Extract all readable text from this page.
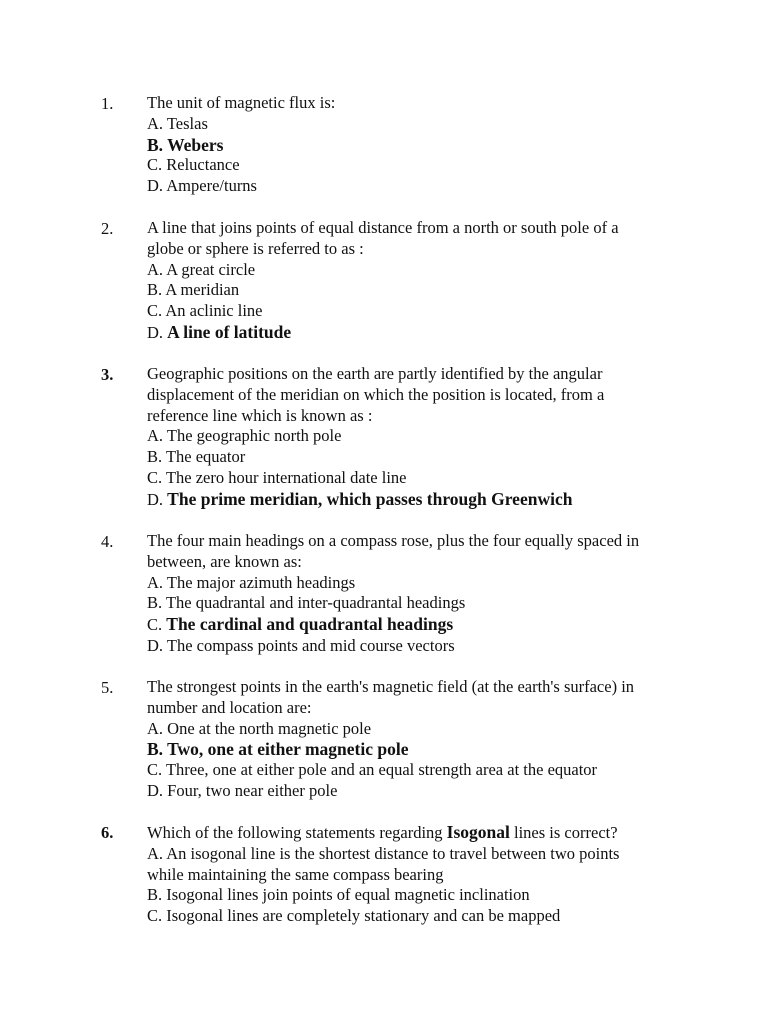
1. The unit of magnetic flux is:
A. Teslas
B. Webers
C. Reluctance
D. Ampere/turns
2. A line that joins points of equal distance from a north or south pole of a
globe or sphere is referred to as :
A. A great circle
B. A meridian
C. An aclinic line
D. A line of latitude
3. Geographic positions on the earth are partly identified by the angular
displacement of the meridian on which the position is located, from a
reference line which is known as :
A. The geographic north pole
B. The equator
C. The zero hour international date line
D. The prime meridian, which passes through Greenwich
4. The four main headings on a compass rose, plus the four equally spaced in
between, are known as:
A. The major azimuth headings
B. The quadrantal and inter-quadrantal headings
C. The cardinal and quadrantal headings
D. The compass points and mid course vectors
5. The strongest points in the earth's magnetic field (at the earth's surface) in
number and location are:
A. One at the north magnetic pole
B. Two, one at either magnetic pole
C. Three, one at either pole and an equal strength area at the equator
D. Four, two near either pole
6. Which of the following statements regarding Isogonal lines is correct?
A. An isogonal line is the shortest distance to travel between two points
while maintaining the same compass bearing
B. Isogonal lines join points of equal magnetic inclination
C. Isogonal lines are completely stationary and can be mapped
